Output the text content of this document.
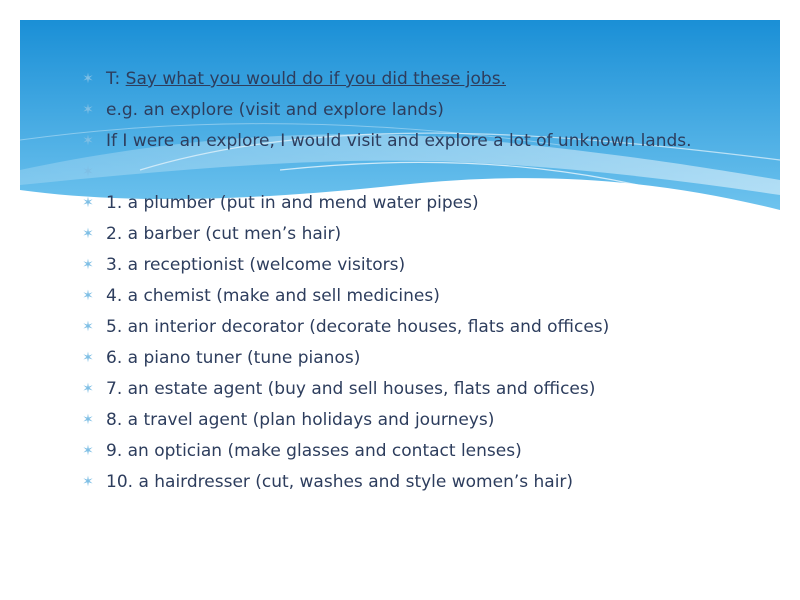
✶ T: Say what you would do if you did these jobs.
✶ e.g. an explore (visit and explore lands)
✶ If I were an explore, I would visit and explore a lot of unknown lands.
✶
✶ 1. a plumber (put in and mend water pipes)
✶ 2. a barber (cut men’s hair)
✶ 3. a receptionist (welcome visitors)
✶ 4. a chemist (make and sell medicines)
✶ 5. an interior decorator (decorate houses, flats and offices)
✶ 6. a piano tuner (tune pianos)
✶ 7. an estate agent (buy and sell houses, flats and offices)
✶ 8. a travel agent (plan holidays and journeys)
✶ 9. an optician (make glasses and contact lenses)
✶ 10. a hairdresser (cut, washes and style women’s hair)
